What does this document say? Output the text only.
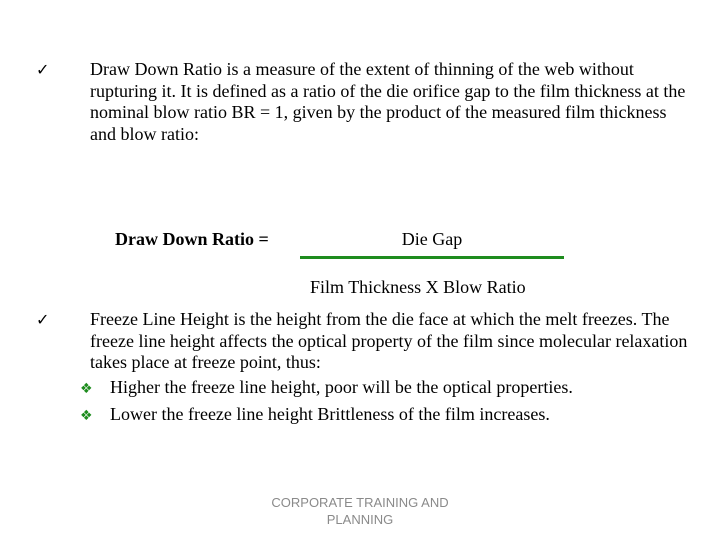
✓ Draw Down Ratio is a measure of the extent of thinning of the web without rupturing it. It is defined as a ratio of the die orifice gap to the film thickness at the nominal blow ratio BR = 1, given by the product of the measured film thickness and blow ratio:
Draw Down Ratio =	Die Gap
Film Thickness X Blow Ratio
✓ Freeze Line Height is the height from the die face at which the melt freezes. The freeze line height affects the optical property of the film since molecular relaxation takes place at freeze point, thus:
❖ Higher the freeze line height, poor will be the optical properties.
❖ Lower the freeze line height Brittleness of the film increases.
CORPORATE TRAINING AND
PLANNING
